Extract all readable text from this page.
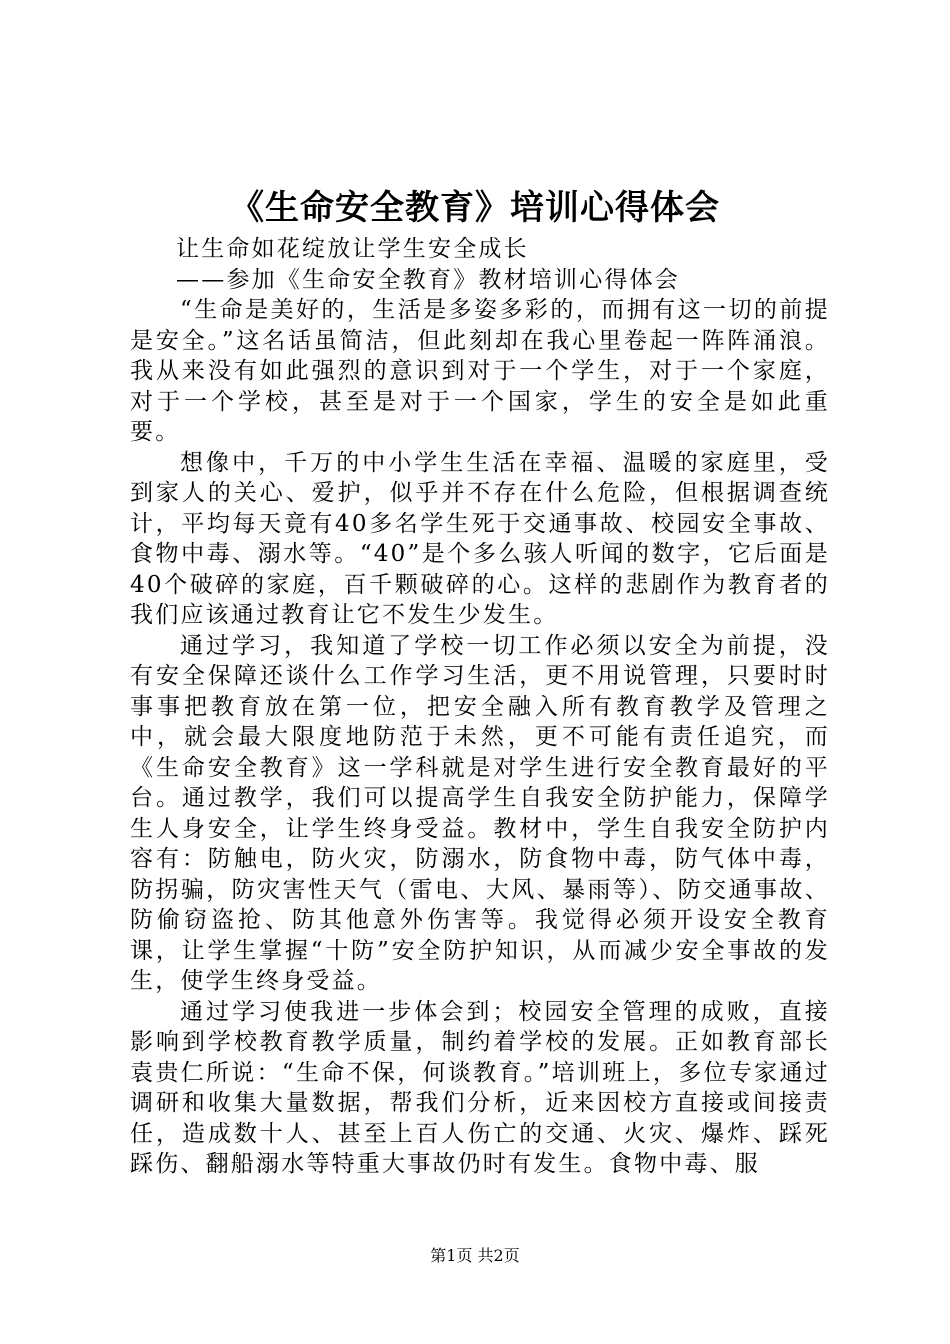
《生命安全教育》培训心得体会

让生命如花绽放让学生安全成长

——参加《生命安全教育》教材培训心得体会

“生命是美好的，生活是多姿多彩的，而拥有这一切的前提是安全。”这名话虽简洁，但此刻却在我心里卷起一阵阵涌浪。我从来没有如此强烈的意识到对于一个学生，对于一个家庭，对于一个学校，甚至是对于一个国家，学生的安全是如此重要。

想像中，千万的中小学生生活在幸福、温暖的家庭里，受到家人的关心、爱护，似乎并不存在什么危险，但根据调查统计，平均每天竟有40多名学生死于交通事故、校园安全事故、食物中毒、溺水等。“40”是个多么骇人听闻的数字，它后面是40个破碎的家庭，百千颗破碎的心。这样的悲剧作为教育者的我们应该通过教育让它不发生少发生。

通过学习，我知道了学校一切工作必须以安全为前提，没有安全保障还谈什么工作学习生活，更不用说管理，只要时时事事把教育放在第一位，把安全融入所有教育教学及管理之中，就会最大限度地防范于未然，更不可能有责任追究，而《生命安全教育》这一学科就是对学生进行安全教育最好的平台。通过教学，我们可以提高学生自我安全防护能力，保障学生人身安全，让学生终身受益。教材中，学生自我安全防护内容有：防触电，防火灾，防溺水，防食物中毒，防气体中毒，防拐骗，防灾害性天气（雷电、大风、暴雨等）、防交通事故、防偷窃盗抢、防其他意外伤害等。我觉得必须开设安全教育课，让学生掌握“十防”安全防护知识，从而减少安全事故的发生，使学生终身受益。

通过学习使我进一步体会到；校园安全管理的成败，直接影响到学校教育教学质量，制约着学校的发展。正如教育部长袁贵仁所说：“生命不保，何谈教育。”培训班上，多位专家通过调研和收集大量数据，帮我们分析，近来因校方直接或间接责任，造成数十人、甚至上百人伤亡的交通、火灾、爆炸、踩死踩伤、翻船溺水等特重大事故仍时有发生。食物中毒、服

第1页 共2页
